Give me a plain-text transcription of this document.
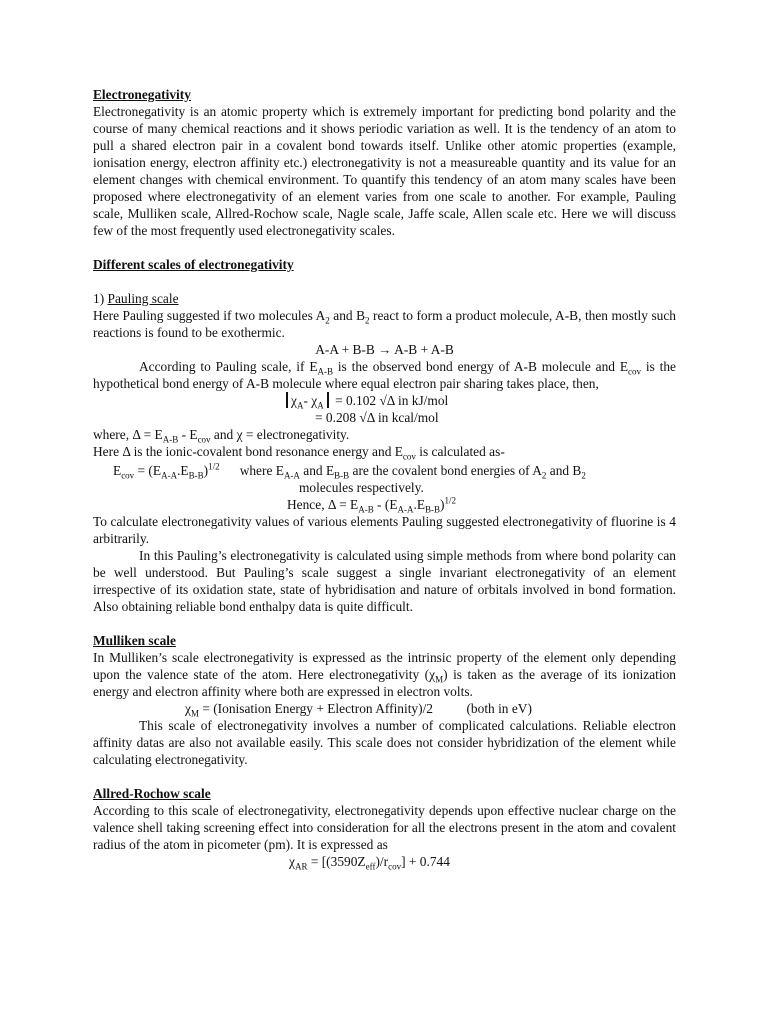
Electronegativity

Electronegativity is an atomic property which is extremely important for predicting bond polarity and the course of many chemical reactions and it shows periodic variation as well. It is the tendency of an atom to pull a shared electron pair in a covalent bond towards itself. Unlike other atomic properties (example, ionisation energy, electron affinity etc.) electronegativity is not a measureable quantity and its value for an element changes with chemical environment. To quantify this tendency of an atom many scales have been proposed where electronegativity of an element varies from one scale to another. For example, Pauling scale, Mulliken scale, Allred-Rochow scale, Nagle scale, Jaffe scale, Allen scale etc. Here we will discuss few of the most frequently used electronegativity scales.

Different scales of electronegativity

1) Pauling scale

Here Pauling suggested if two molecules $A_2$ and $B_2$ react to form a product molecule, A-B, then mostly such reactions is found to be exothermic.

A-A + B-B → A-B + A-B

According to Pauling scale, if $E_{A-B}$ is the observed bond energy of A-B molecule and $E_{cov}$ is the hypothetical bond energy of A-B molecule where equal electron pair sharing takes place, then,

$\chi_A-$ $\chi_A = 0.102$ √Δ in kJ/mol

= 0.208 √Δ in kcal/mol

where, $\Delta = E_{A-B} - E_{cov}$ and χ = electronegativity.

Here Δ is the ionic-covalent bond resonance energy and $E_{cov}$ is calculated as-

$E_{cov} = (E_{A-A}.E_{B-B})^{1/2}$      where $E_{A-A}$ and $E_{B-B}$ are the covalent bond energies of $A_2$ and $B_2$

molecules respectively.

Hence, $\Delta = E_{A-B} - (E_{A-A}.E_{B-B})^{1/2}$

To calculate electronegativity values of various elements Pauling suggested electronegativity of fluorine is 4 arbitrarily.

In this Pauling’s electronegativity is calculated using simple methods from where bond polarity can be well understood. But Pauling’s scale suggest a single invariant electronegativity of an element irrespective of its oxidation state, state of hybridisation and nature of orbitals involved in bond formation. Also obtaining reliable bond enthalpy data is quite difficult.

Mulliken scale

In Mulliken’s scale electronegativity is expressed as the intrinsic property of the element only depending upon the valence state of the atom. Here electronegativity $(\chi_M)$ is taken as the average of its ionization energy and electron affinity where both are expressed in electron volts.

$\chi_M$ = (Ionisation Energy + Electron Affinity)/2          (both in eV)

This scale of electronegativity involves a number of complicated calculations. Reliable electron affinity datas are also not available easily. This scale does not consider hybridization of the element while calculating electronegativity.

Allred-Rochow scale

According to this scale of electronegativity, electronegativity depends upon effective nuclear charge on the valence shell taking screening effect into consideration for all the electrons present in the atom and covalent radius of the atom in picometer (pm). It is expressed as

$\chi_{AR} = [(3590Z_{eff})/r_{cov}] + 0.744$
